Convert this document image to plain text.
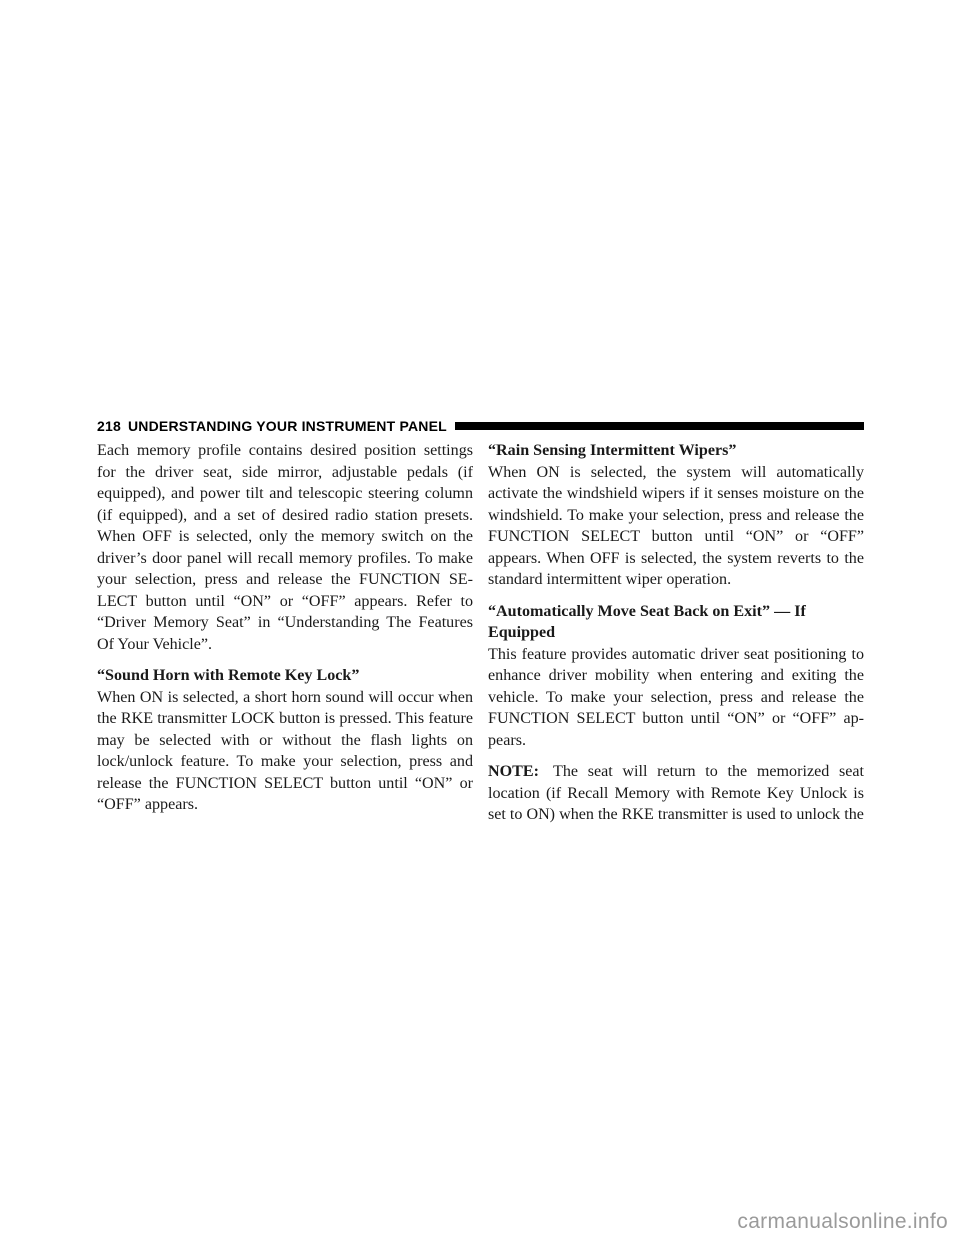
218 UNDERSTANDING YOUR INSTRUMENT PANEL

Each memory profile contains desired position settings for the driver seat, side mirror, adjustable pedals (if equipped), and power tilt and telescopic steering column (if equipped), and a set of desired radio station presets. When OFF is selected, only the memory switch on the driver’s door panel will recall memory profiles. To make your selection, press and release the FUNCTION SE-LECT button until “ON” or “OFF” appears. Refer to “Driver Memory Seat” in “Understanding The Features Of Your Vehicle”.

“Sound Horn with Remote Key Lock”

When ON is selected, a short horn sound will occur when the RKE transmitter LOCK button is pressed. This feature may be selected with or without the flash lights on lock/unlock feature. To make your selection, press and release the FUNCTION SELECT button until “ON” or “OFF” appears.

“Rain Sensing Intermittent Wipers”

When ON is selected, the system will automatically activate the windshield wipers if it senses moisture on the windshield. To make your selection, press and release the FUNCTION SELECT button until “ON” or “OFF” appears. When OFF is selected, the system reverts to the standard intermittent wiper operation.

“Automatically Move Seat Back on Exit” — If Equipped

This feature provides automatic driver seat positioning to enhance driver mobility when entering and exiting the vehicle. To make your selection, press and release the FUNCTION SELECT button until “ON” or “OFF” ap-pears.

NOTE: The seat will return to the memorized seat location (if Recall Memory with Remote Key Unlock is set to ON) when the RKE transmitter is used to unlock the

carmanualsonline.info
